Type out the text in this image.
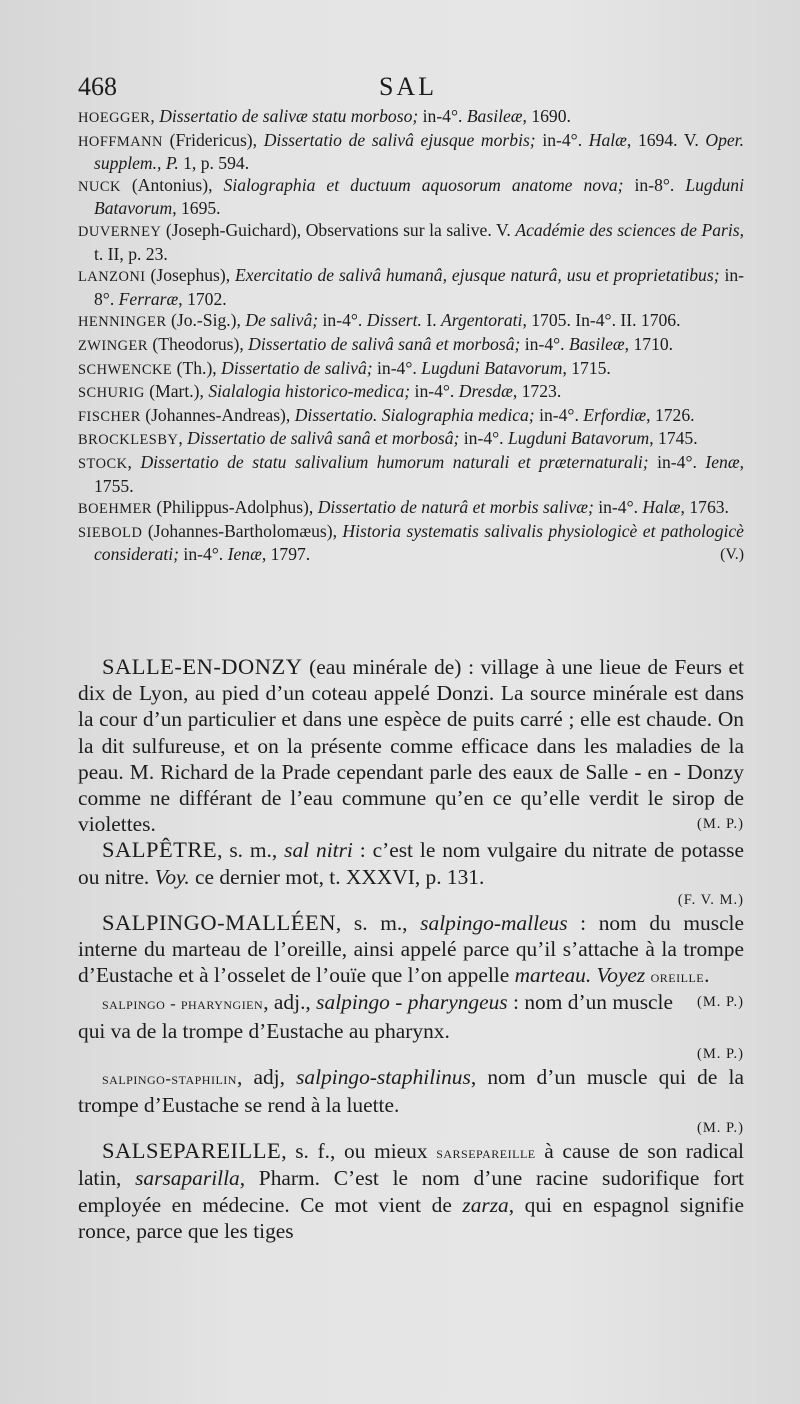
468	SAL

HOEGGER, Dissertatio de salivæ statu morboso; in-4°. Basileæ, 1690.

HOFFMANN (Fridericus), Dissertatio de salivâ ejusque morbis; in-4°. Halæ, 1694. V. Oper. supplem., P. 1, p. 594.

NUCK (Antonius), Sialographia et ductuum aquosorum anatome nova; in-8°. Lugduni Batavorum, 1695.

DUVERNEY (Joseph-Guichard), Observations sur la salive. V. Académie des sciences de Paris, t. II, p. 23.

LANZONI (Josephus), Exercitatio de salivâ humanâ, ejusque naturâ, usu et proprietatibus; in-8°. Ferraræ, 1702.

HENNINGER (Jo.-Sig.), De salivâ; in-4°. Dissert. I. Argentorati, 1705. In-4°. II. 1706.

ZWINGER (Theodorus), Dissertatio de salivâ sanâ et morbosâ; in-4°. Basileæ, 1710.

SCHWENCKE (Th.), Dissertatio de salivâ; in-4°. Lugduni Batavorum, 1715.

SCHURIG (Mart.), Sialalogia historico-medica; in-4°. Dresdæ, 1723.

FISCHER (Johannes-Andreas), Dissertatio. Sialographia medica; in-4°. Erfordiæ, 1726.

BROCKLESBY, Dissertatio de salivâ sanâ et morbosâ; in-4°. Lugduni Batavorum, 1745.

STOCK, Dissertatio de statu salivalium humorum naturali et præternaturali; in-4°. Ienæ, 1755.

BOEHMER (Philippus-Adolphus), Dissertatio de naturâ et morbis salivæ; in-4°. Halæ, 1763.

SIEBOLD (Johannes-Bartholomæus), Historia systematis salivalis physiologicè et pathologicè considerati; in-4°. Ienæ, 1797.	(V.)

SALLE-EN-DONZY (eau minérale de) : village à une lieue de Feurs et dix de Lyon, au pied d’un coteau appelé Donzi. La source minérale est dans la cour d’un particulier et dans une espèce de puits carré ; elle est chaude. On la dit sulfureuse, et on la présente comme efficace dans les maladies de la peau. M. Richard de la Prade cependant parle des eaux de Salle - en - Donzy comme ne différant de l’eau commune qu’en ce qu’elle verdit le sirop de violettes.	(M. P.)

SALPÊTRE, s. m., sal nitri : c’est le nom vulgaire du nitrate de potasse ou nitre. Voy. ce dernier mot, t. XXXVI, p. 131.
(F. V. M.)

SALPINGO-MALLÉEN, s. m., salpingo-malleus : nom du muscle interne du marteau de l’oreille, ainsi appelé parce qu’il s’attache à la trompe d’Eustache et à l’osselet de l’ouïe que l’on appelle marteau. Voyez oreille.
(M. P.)

salpingo - pharyngien, adj., salpingo - pharyngeus : nom d’un muscle qui va de la trompe d’Eustache au pharynx.
(M. P.)

salpingo-staphilin, adj, salpingo-staphilinus, nom d’un muscle qui de la trompe d’Eustache se rend à la luette.
(M. P.)

SALSEPAREILLE, s. f., ou mieux sarsepareille à cause de son radical latin, sarsaparilla, Pharm. C’est le nom d’une racine sudorifique fort employée en médecine. Ce mot vient de zarza, qui en espagnol signifie ronce, parce que les tiges
